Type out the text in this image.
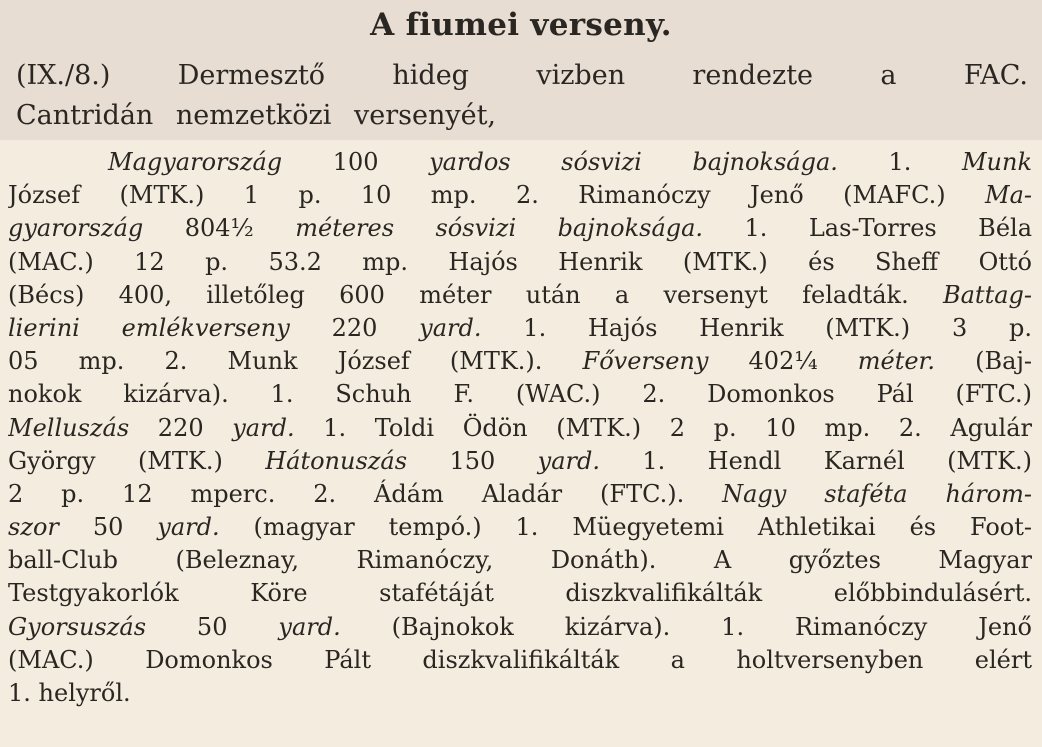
A fiumei verseny.

(IX./8.) Dermesztő hideg vizben rendezte a FAC.

Cantridán nemzetközi versenyét,

Magyarország 100 yardos sósvizi bajnoksága. 1. Munk
József (MTK.) 1 p. 10 mp. 2. Rimanóczy Jenő (MAFC.) Ma-
gyarország 804½ méteres sósvizi bajnoksága. 1. Las-Torres Béla
(MAC.) 12 p. 53.2 mp. Hajós Henrik (MTK.) és Sheff Ottó
(Bécs) 400, illetőleg 600 méter után a versenyt feladták. Battag-
lierini emlékverseny 220 yard. 1. Hajós Henrik (MTK.) 3 p.
05 mp. 2. Munk József (MTK.). Főverseny 402¼ méter. (Baj-
nokok kizárva). 1. Schuh F. (WAC.) 2. Domonkos Pál (FTC.)
Melluszás 220 yard. 1. Toldi Ödön (MTK.) 2 p. 10 mp. 2. Agulár
György (MTK.) Hátonuszás 150 yard. 1. Hendl Karnél (MTK.)
2 p. 12 mperc. 2. Ádám Aladár (FTC.). Nagy staféta három-
szor 50 yard. (magyar tempó.) 1. Müegyetemi Athletikai és Foot-
ball-Club (Beleznay, Rimanóczy, Donáth). A győztes Magyar
Testgyakorlók Köre stafétáját diszkvalifikálták előbbindulásért.
Gyorsuszás 50 yard. (Bajnokok kizárva). 1. Rimanóczy Jenő
(MAC.) Domonkos Pált diszkvalifikálták a holtversenyben elért
1. helyről.
